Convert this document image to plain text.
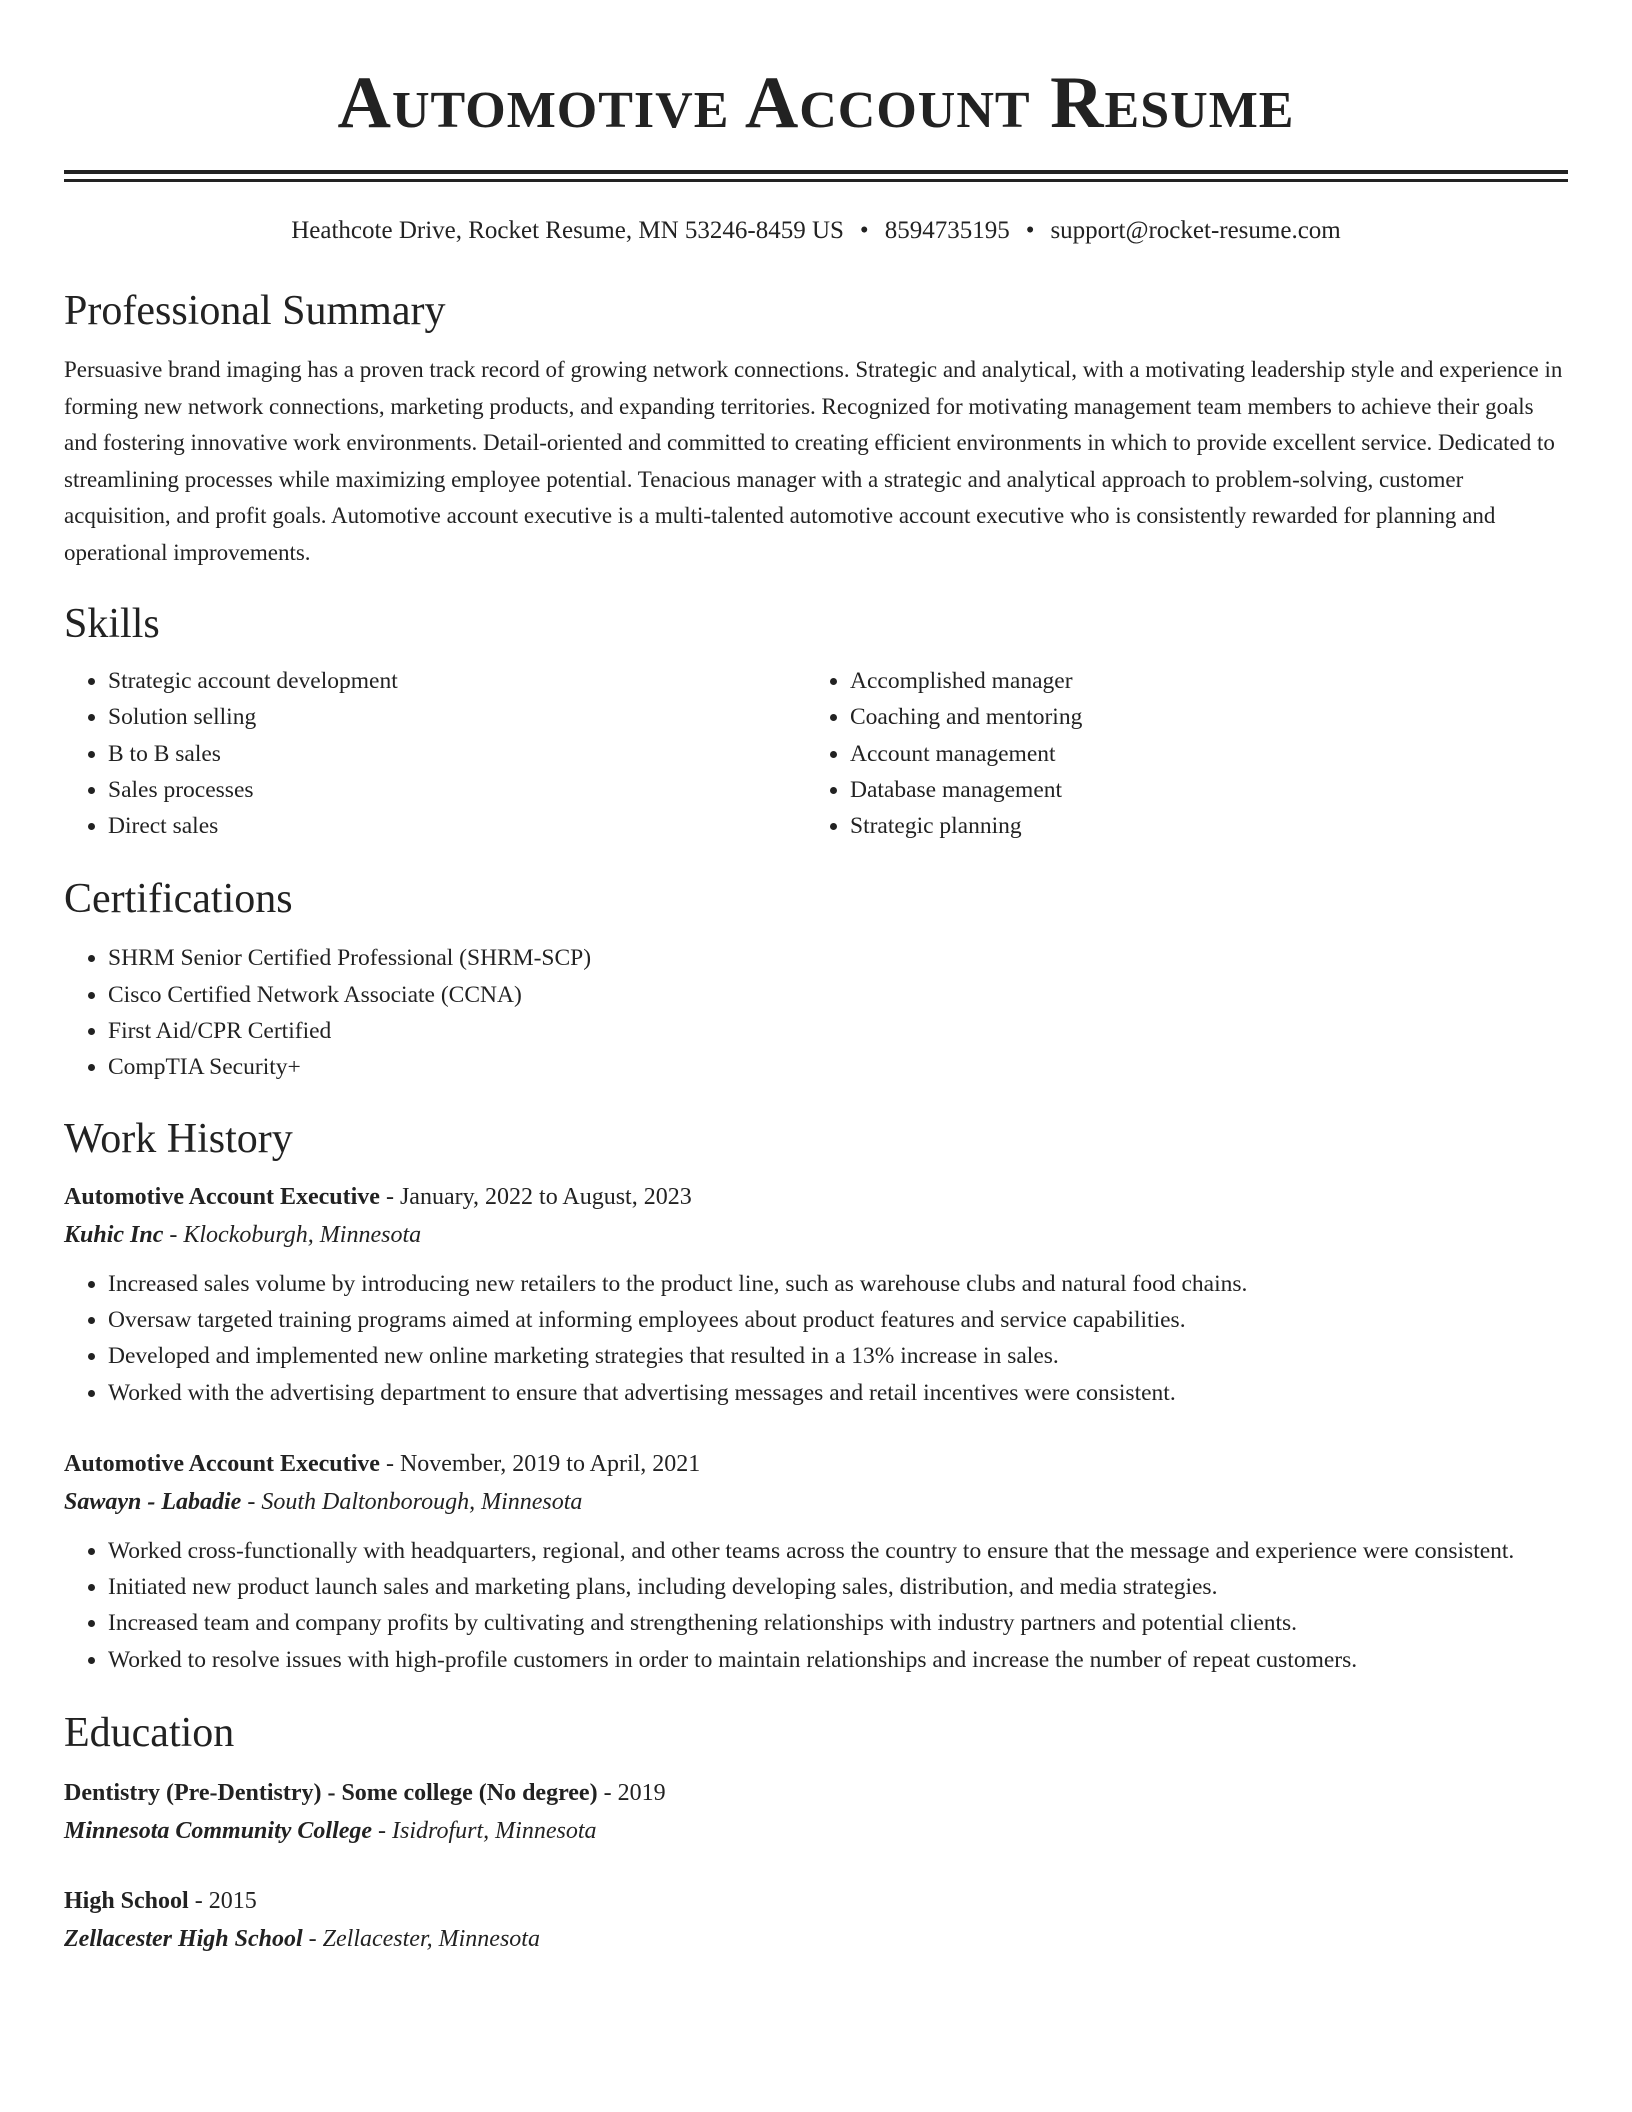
Automotive Account Resume
Heathcote Drive, Rocket Resume, MN 53246-8459 US • 8594735195 • support@rocket-resume.com
Professional Summary

Persuasive brand imaging has a proven track record of growing network connections. Strategic and analytical, with a motivating leadership style and experience in forming new network connections, marketing products, and expanding territories. Recognized for motivating management team members to achieve their goals and fostering innovative work environments. Detail-oriented and committed to creating efficient environments in which to provide excellent service. Dedicated to streamlining processes while maximizing employee potential. Tenacious manager with a strategic and analytical approach to problem-solving, customer acquisition, and profit goals. Automotive account executive is a multi-talented automotive account executive who is consistently rewarded for planning and operational improvements.

Skills
• Strategic account development
• Solution selling
• B to B sales
• Sales processes
• Direct sales
• Accomplished manager
• Coaching and mentoring
• Account management
• Database management
• Strategic planning
Certifications
• SHRM Senior Certified Professional (SHRM-SCP)
• Cisco Certified Network Associate (CCNA)
• First Aid/CPR Certified
• CompTIA Security+
Work History
Automotive Account Executive - January, 2022 to August, 2023
Kuhic Inc - Klockoburgh, Minnesota
• Increased sales volume by introducing new retailers to the product line, such as warehouse clubs and natural food chains.
• Oversaw targeted training programs aimed at informing employees about product features and service capabilities.
• Developed and implemented new online marketing strategies that resulted in a 13% increase in sales.
• Worked with the advertising department to ensure that advertising messages and retail incentives were consistent.
Automotive Account Executive - November, 2019 to April, 2021
Sawayn - Labadie - South Daltonborough, Minnesota
• Worked cross-functionally with headquarters, regional, and other teams across the country to ensure that the message and experience were consistent.
• Initiated new product launch sales and marketing plans, including developing sales, distribution, and media strategies.
• Increased team and company profits by cultivating and strengthening relationships with industry partners and potential clients.
• Worked to resolve issues with high-profile customers in order to maintain relationships and increase the number of repeat customers.
Education
Dentistry (Pre-Dentistry) - Some college (No degree) - 2019
Minnesota Community College - Isidrofurt, Minnesota
High School - 2015
Zellacester High School - Zellacester, Minnesota
